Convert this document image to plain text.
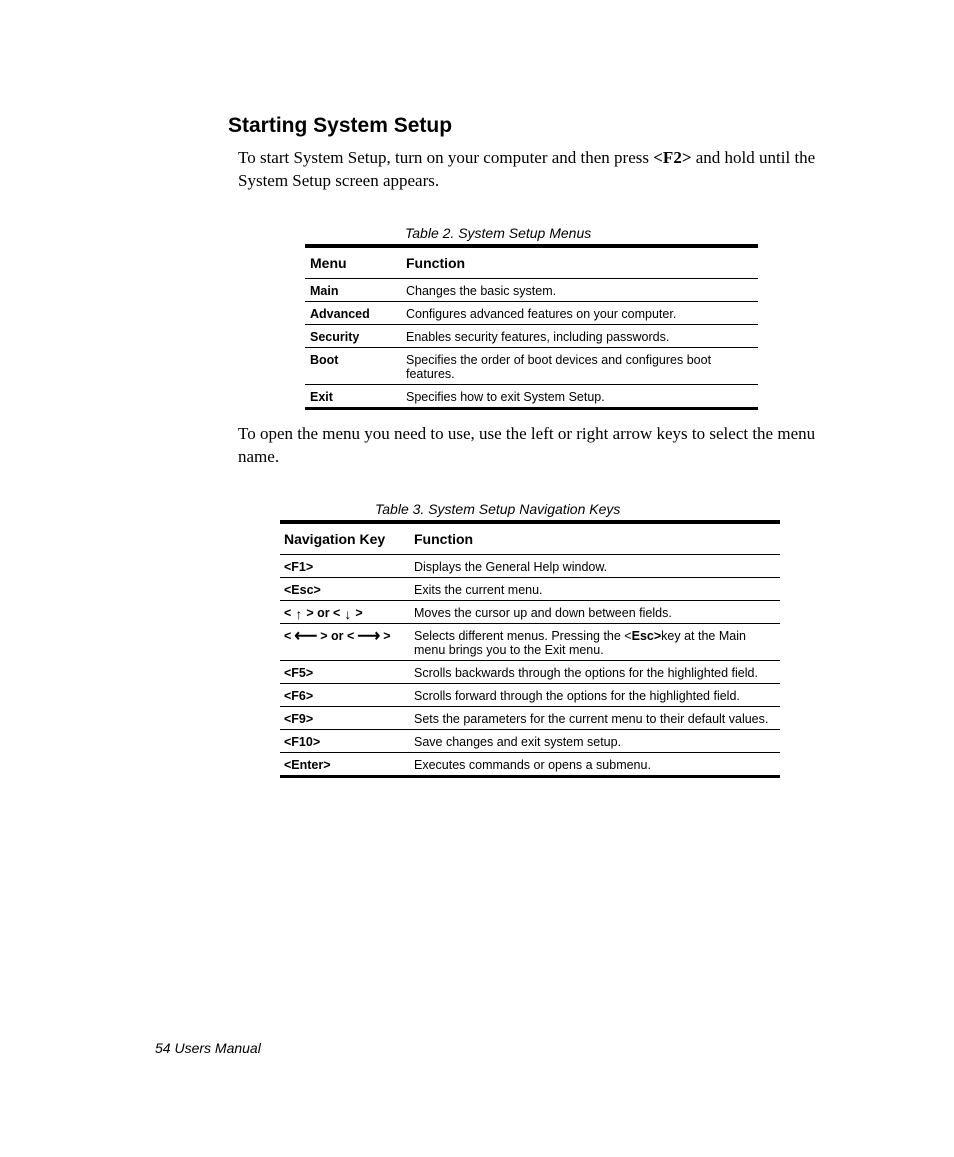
Starting System Setup

To start System Setup, turn on your computer and then press <F2> and hold until the System Setup screen appears.

Table 2. System Setup Menus

Menu	Function
Main	Changes the basic system.
Advanced	Configures advanced features on your computer.
Security	Enables security features, including passwords.
Boot	Specifies the order of boot devices and configures boot features.
Exit	Specifies how to exit System Setup.

To open the menu you need to use, use the left or right arrow keys to select the menu name.

Table 3. System Setup Navigation Keys

Navigation Key	Function
<F1>	Displays the General Help window.
<Esc>	Exits the current menu.
< ↑ > or < ↓ >	Moves the cursor up and down between fields.
< ⟵ > or < ⟶ >	Selects different menus. Pressing the <Esc>key at the Main menu brings you to the Exit menu.
<F5>	Scrolls backwards through the options for the highlighted field.
<F6>	Scrolls forward through the options for the highlighted field.
<F9>	Sets the parameters for the current menu to their default values.
<F10>	Save changes and exit system setup.
<Enter>	Executes commands or opens a submenu.

54 Users Manual
